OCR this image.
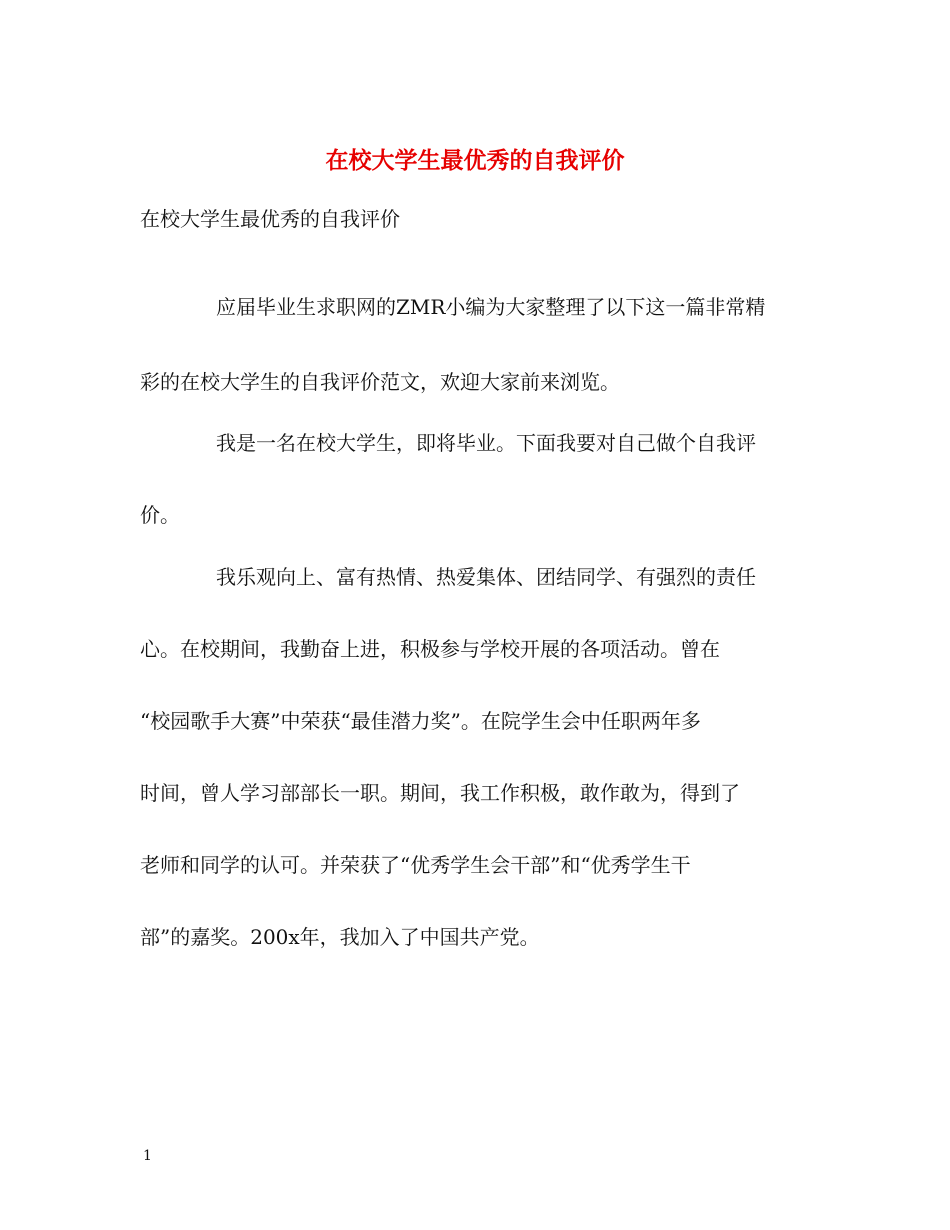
在校大学生最优秀的自我评价
在校大学生最优秀的自我评价
应届毕业生求职网的ZMR小编为大家整理了以下这一篇非常精
彩的在校大学生的自我评价范文，欢迎大家前来浏览。
我是一名在校大学生，即将毕业。下面我要对自己做个自我评
价。
我乐观向上、富有热情、热爱集体、团结同学、有强烈的责任
心。在校期间，我勤奋上进，积极参与学校开展的各项活动。曾在
“校园歌手大赛”中荣获“最佳潜力奖”。在院学生会中任职两年多
时间，曾人学习部部长一职。期间，我工作积极，敢作敢为，得到了
老师和同学的认可。并荣获了“优秀学生会干部”和“优秀学生干
部”的嘉奖。200x年，我加入了中国共产党。
1
